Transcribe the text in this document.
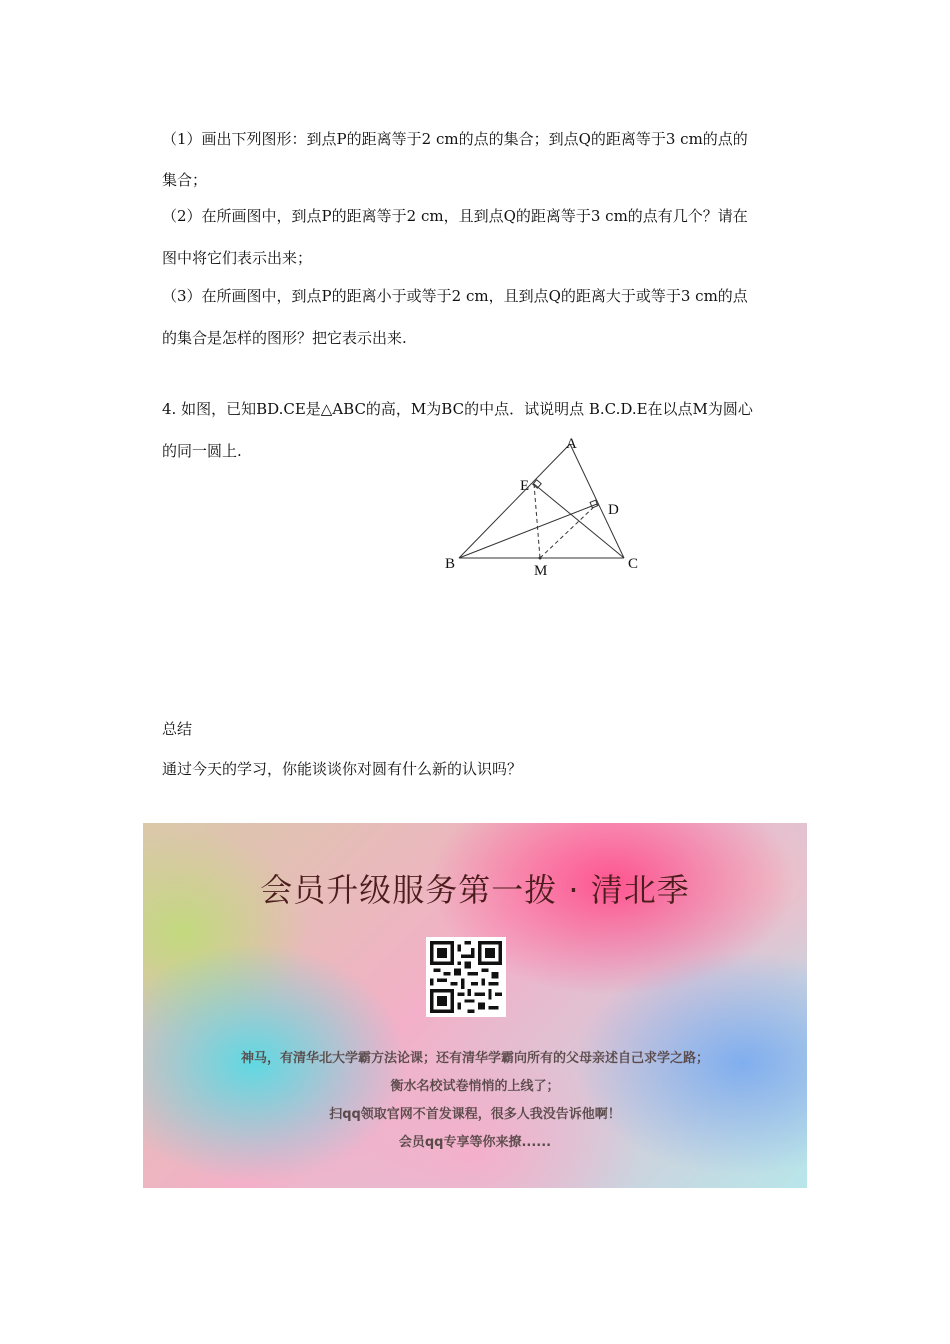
（1）画出下列图形：到点P的距离等于2 cm的点的集合；到点Q的距离等于3 cm的点的
集合；
（2）在所画图中，到点P的距离等于2 cm，且到点Q的距离等于3 cm的点有几个？请在
图中将它们表示出来；
（3）在所画图中，到点P的距离小于或等于2 cm，且到点Q的距离大于或等于3 cm的点
的集合是怎样的图形？把它表示出来.
4. 如图，已知BD.CE是△ABC的高，M为BC的中点．试说明点 B.C.D.E在以点M为圆心
的同一圆上.	A
E
D
B	M	C
总结
通过今天的学习，你能谈谈你对圆有什么新的认识吗？
会员升级服务第一拨 · 清北季
神马，有清华北大学霸方法论课；还有清华学霸向所有的父母亲述自己求学之路；
衡水名校试卷悄悄的上线了；
扫qq领取官网不首发课程，很多人我没告诉他啊！
会员qq专享等你来撩......
